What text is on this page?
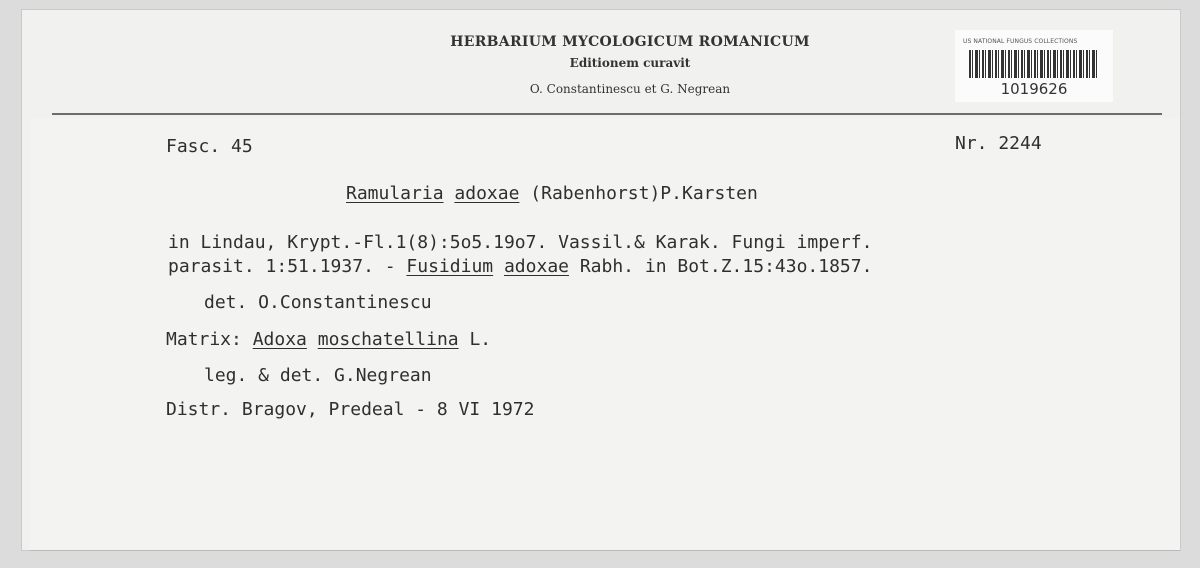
HERBARIUM MYCOLOGICUM ROMANICUM
Editionem curavit
O. Constantinescu et G. Negrean
US NATIONAL FUNGUS COLLECTIONS
1019626
Fasc. 45	Nr. 2244
Ramularia adoxae (Rabenhorst)P.Karsten
in Lindau, Krypt.-Fl.1(8):5o5.19o7. Vassil.& Karak. Fungi imperf.
parasit. 1:51.1937. - Fusidium adoxae Rabh. in Bot.Z.15:43o.1857.
det. O.Constantinescu
Matrix: Adoxa moschatellina L.
leg. & det. G.Negrean
Distr. Bragov, Predeal - 8 VI 1972
